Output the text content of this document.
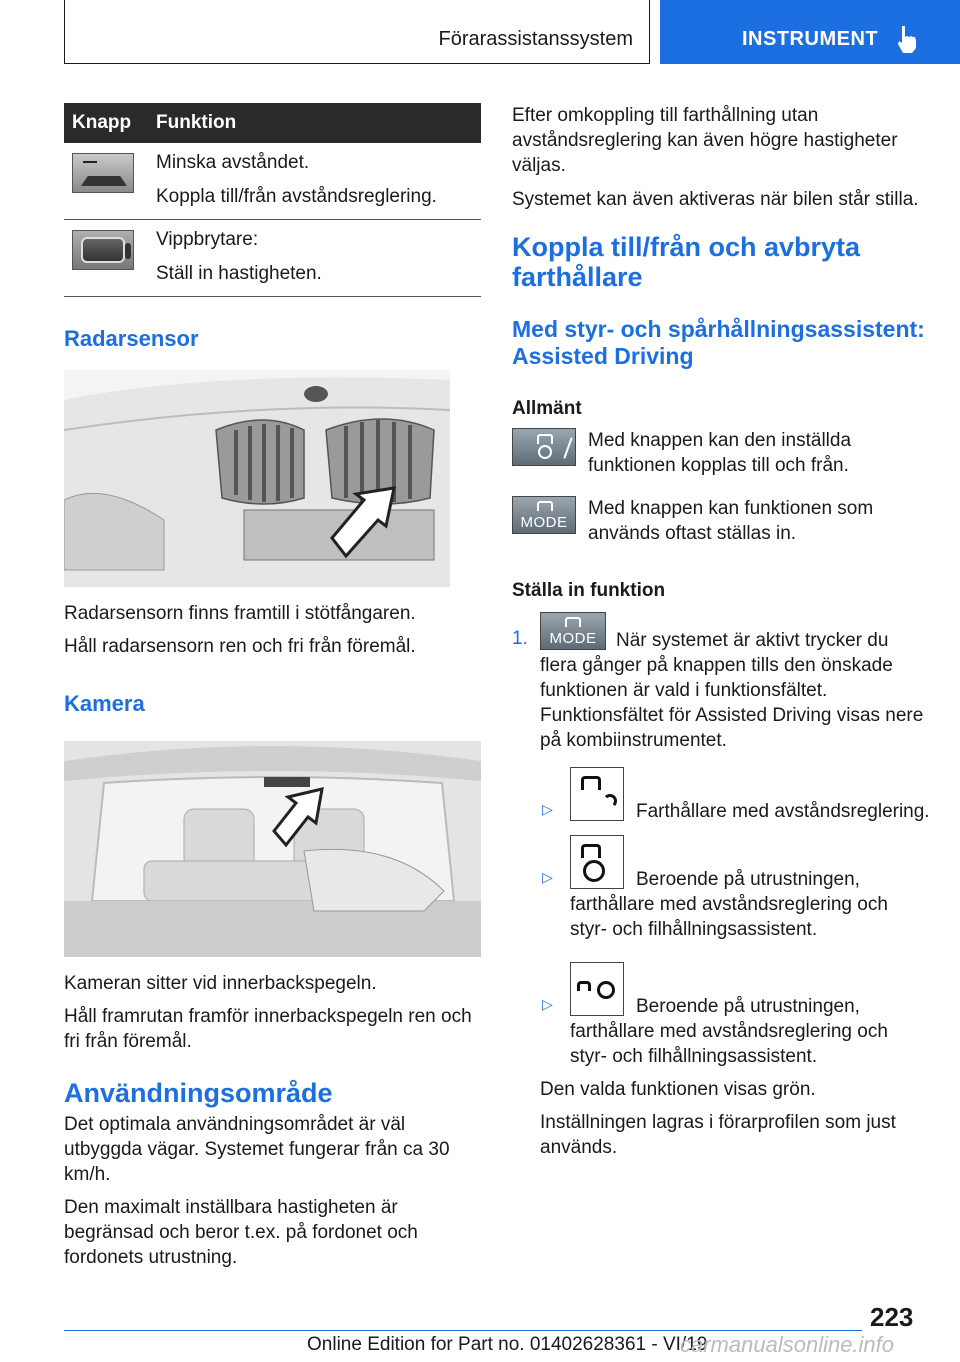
Förarassistanssystem	INSTRUMENT
Knapp	Funktion

	Minska avståndet.
Koppla till/från avståndsreglering.

	Vippbrytare:
Ställ in hastigheten.
Radarsensor

Radarsensorn finns framtill i stötfångaren.

Håll radarsensorn ren och fri från föremål.

Kamera

Kameran sitter vid innerbackspegeln.

Håll framrutan framför innerbackspegeln ren och fri från föremål.

Användningsområde

Det optimala användningsområdet är väl utbyggda vägar. Systemet fungerar från ca 30 km/h.

Den maximalt inställbara hastigheten är begränsad och beror t.ex. på fordonet och fordonets utrustning.

Efter omkoppling till farthållning utan avståndsreglering kan även högre hastigheter väljas.

Systemet kan även aktiveras när bilen står stilla.

Koppla till/från och avbryta farthållare
Med styr- och spårhållningsassistent: Assisted Driving
Allmänt

Med knappen kan den inställda funktionen kopplas till och från.

MODE

Med knappen kan funktionen som används oftast ställas in.

Ställa in funktion
1.	MODE	När systemet är aktivt trycker du flera gånger på knappen tills den önskade funktionen är vald i funktionsfältet. Funktionsfältet för Assisted Driving visas nere på kombiinstrumentet.

▷	Farthållare med avståndsreglering.

▷	Beroende på utrustningen, farthållare med avståndsreglering och styr- och filhållningsassistent.

▷	Beroende på utrustningen, farthållare med avståndsreglering och styr- och filhållningsassistent.

Den valda funktionen visas grön.

Inställningen lagras i förarprofilen som just används.

223
Online Edition for Part no. 01402628361 - VI/19
carmanualsonline.info
